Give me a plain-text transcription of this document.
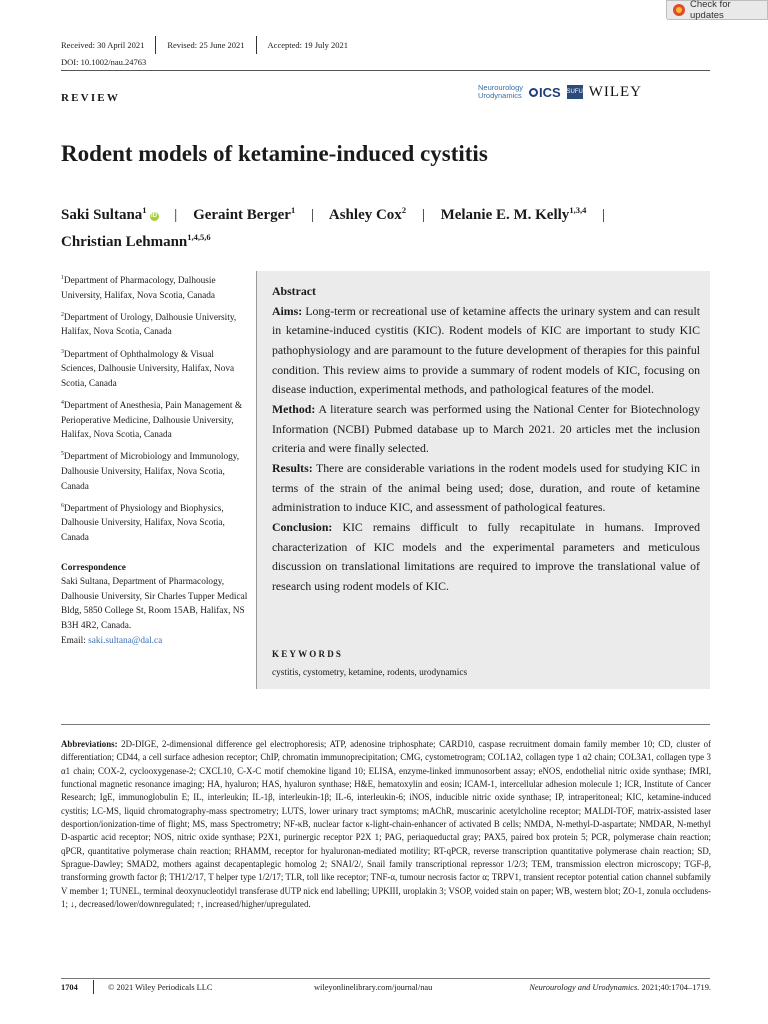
Check for updates
Received: 30 April 2021	Revised: 25 June 2021	Accepted: 19 July 2021
DOI: 10.1002/nau.24763
REVIEW
Neurourology
Urodynamics ICS SUFU WILEY
Rodent models of ketamine-induced cystitis
Saki Sultana$^1$iD | Geraint Berger$^1$ | Ashley Cox$^2$ | Melanie E. M. Kelly$^{1,3,4}$ |
Christian Lehmann$^{1,4,5,6}$

$^1$Department of Pharmacology, Dalhousie University, Halifax, Nova Scotia, Canada

$^2$Department of Urology, Dalhousie University, Halifax, Nova Scotia, Canada

$^3$Department of Ophthalmology & Visual Sciences, Dalhousie University, Halifax, Nova Scotia, Canada

$^4$Department of Anesthesia, Pain Management & Perioperative Medicine, Dalhousie University, Halifax, Nova Scotia, Canada

$^5$Department of Microbiology and Immunology, Dalhousie University, Halifax, Nova Scotia, Canada

$^6$Department of Physiology and Biophysics, Dalhousie University, Halifax, Nova Scotia, Canada

Correspondence

Saki Sultana, Department of Pharmacology, Dalhousie University, Sir Charles Tupper Medical Bldg, 5850 College St, Room 15AB, Halifax, NS B3H 4R2, Canada.
Email: saki.sultana@dal.ca

Abstract

Aims: Long-term or recreational use of ketamine affects the urinary system and can result in ketamine-induced cystitis (KIC). Rodent models of KIC are important to study KIC pathophysiology and are paramount to the future development of therapies for this painful condition. This review aims to provide a summary of rodent models of KIC, focusing on disease induction, experimental methods, and pathological features of the model.

Method: A literature search was performed using the National Center for Biotechnology Information (NCBI) Pubmed database up to March 2021. 20 articles met the inclusion criteria and were finally selected.

Results: There are considerable variations in the rodent models used for studying KIC in terms of the strain of the animal being used; dose, duration, and route of ketamine administration to induce KIC, and assessment of pathological features.

Conclusion: KIC remains difficult to fully recapitulate in humans. Improved characterization of KIC models and the experimental parameters and meticulous discussion on translational limitations are required to improve the translational value of research using rodent models of KIC.

KEYWORDS
cystitis, cystometry, ketamine, rodents, urodynamics
Abbreviations: 2D-DIGE, 2-dimensional difference gel electrophoresis; ATP, adenosine triphosphate; CARD10, caspase recruitment domain family member 10; CD, cluster of differentiation; CD44, a cell surface adhesion receptor; ChIP, chromatin immunoprecipitation; CMG, cystometrogram; COL1A2, collagen type 1 α2 chain; COL3A1, collagen type 3 α1 chain; COX-2, cyclooxygenase-2; CXCL10, C-X-C motif chemokine ligand 10; ELISA, enzyme-linked immunosorbent assay; eNOS, endothelial nitric oxide synthase; fMRI, functional magnetic resonance imaging; HA, hyaluron; HAS, hyaluron synthase; H&E, hematoxylin and eosin; ICAM-1, intercellular adhesion molecule 1; ICR, Institute of Cancer Research; IgE, immunoglobulin E; IL, interleukin; IL-1β, interleukin-1β; IL-6, interleukin-6; iNOS, inducible nitric oxide synthase; IP, intraperitoneal; KIC, ketamine-induced cystitis; LC-MS, liquid chromatography-mass spectrometry; LUTS, lower urinary tract symptoms; mAChR, muscarinic acetylcholine receptor; MALDI-TOF, matrix-assisted laser desportion/ionization-time of flight; MS, mass Spectrometry; NF-κB, nuclear factor κ-light-chain-enhancer of activated B cells; NMDA, N-methyl-D-aspartate; NMDAR, N-methyl D-aspartic acid receptor; NOS, nitric oxide synthase; P2X1, purinergic receptor P2X 1; PAG, periaqueductal gray; PAX5, paired box protein 5; PCR, polymerase chain reaction; qPCR, quantitative polymerase chain reaction; RHAMM, receptor for hyaluronan-mediated motility; RT-qPCR, reverse transcription quantitative polymerase chain reaction; SD, Sprague-Dawley; SMAD2, mothers against decapentaplegic homolog 2; SNAI/2/, Snail family transcriptional repressor 1/2/3; TEM, transmission electron microscopy; TGF-β, transforming growth factor β; TH1/2/17, T helper type 1/2/17; TLR, toll like receptor; TNF-α, tumour necrosis factor α; TRPV1, transient receptor potential cation channel subfamily V member 1; TUNEL, terminal deoxynucleotidyl transferase dUTP nick end labelling; UPKIII, uroplakin 3; VSOP, voided stain on paper; WB, western blot; ZO-1, zonula occludens-1; ↓, decreased/lower/downregulated; ↑, increased/higher/upregulated.
1704	© 2021 Wiley Periodicals LLC	wileyonlinelibrary.com/journal/nau	Neurourology and Urodynamics. 2021;40:1704–1719.
